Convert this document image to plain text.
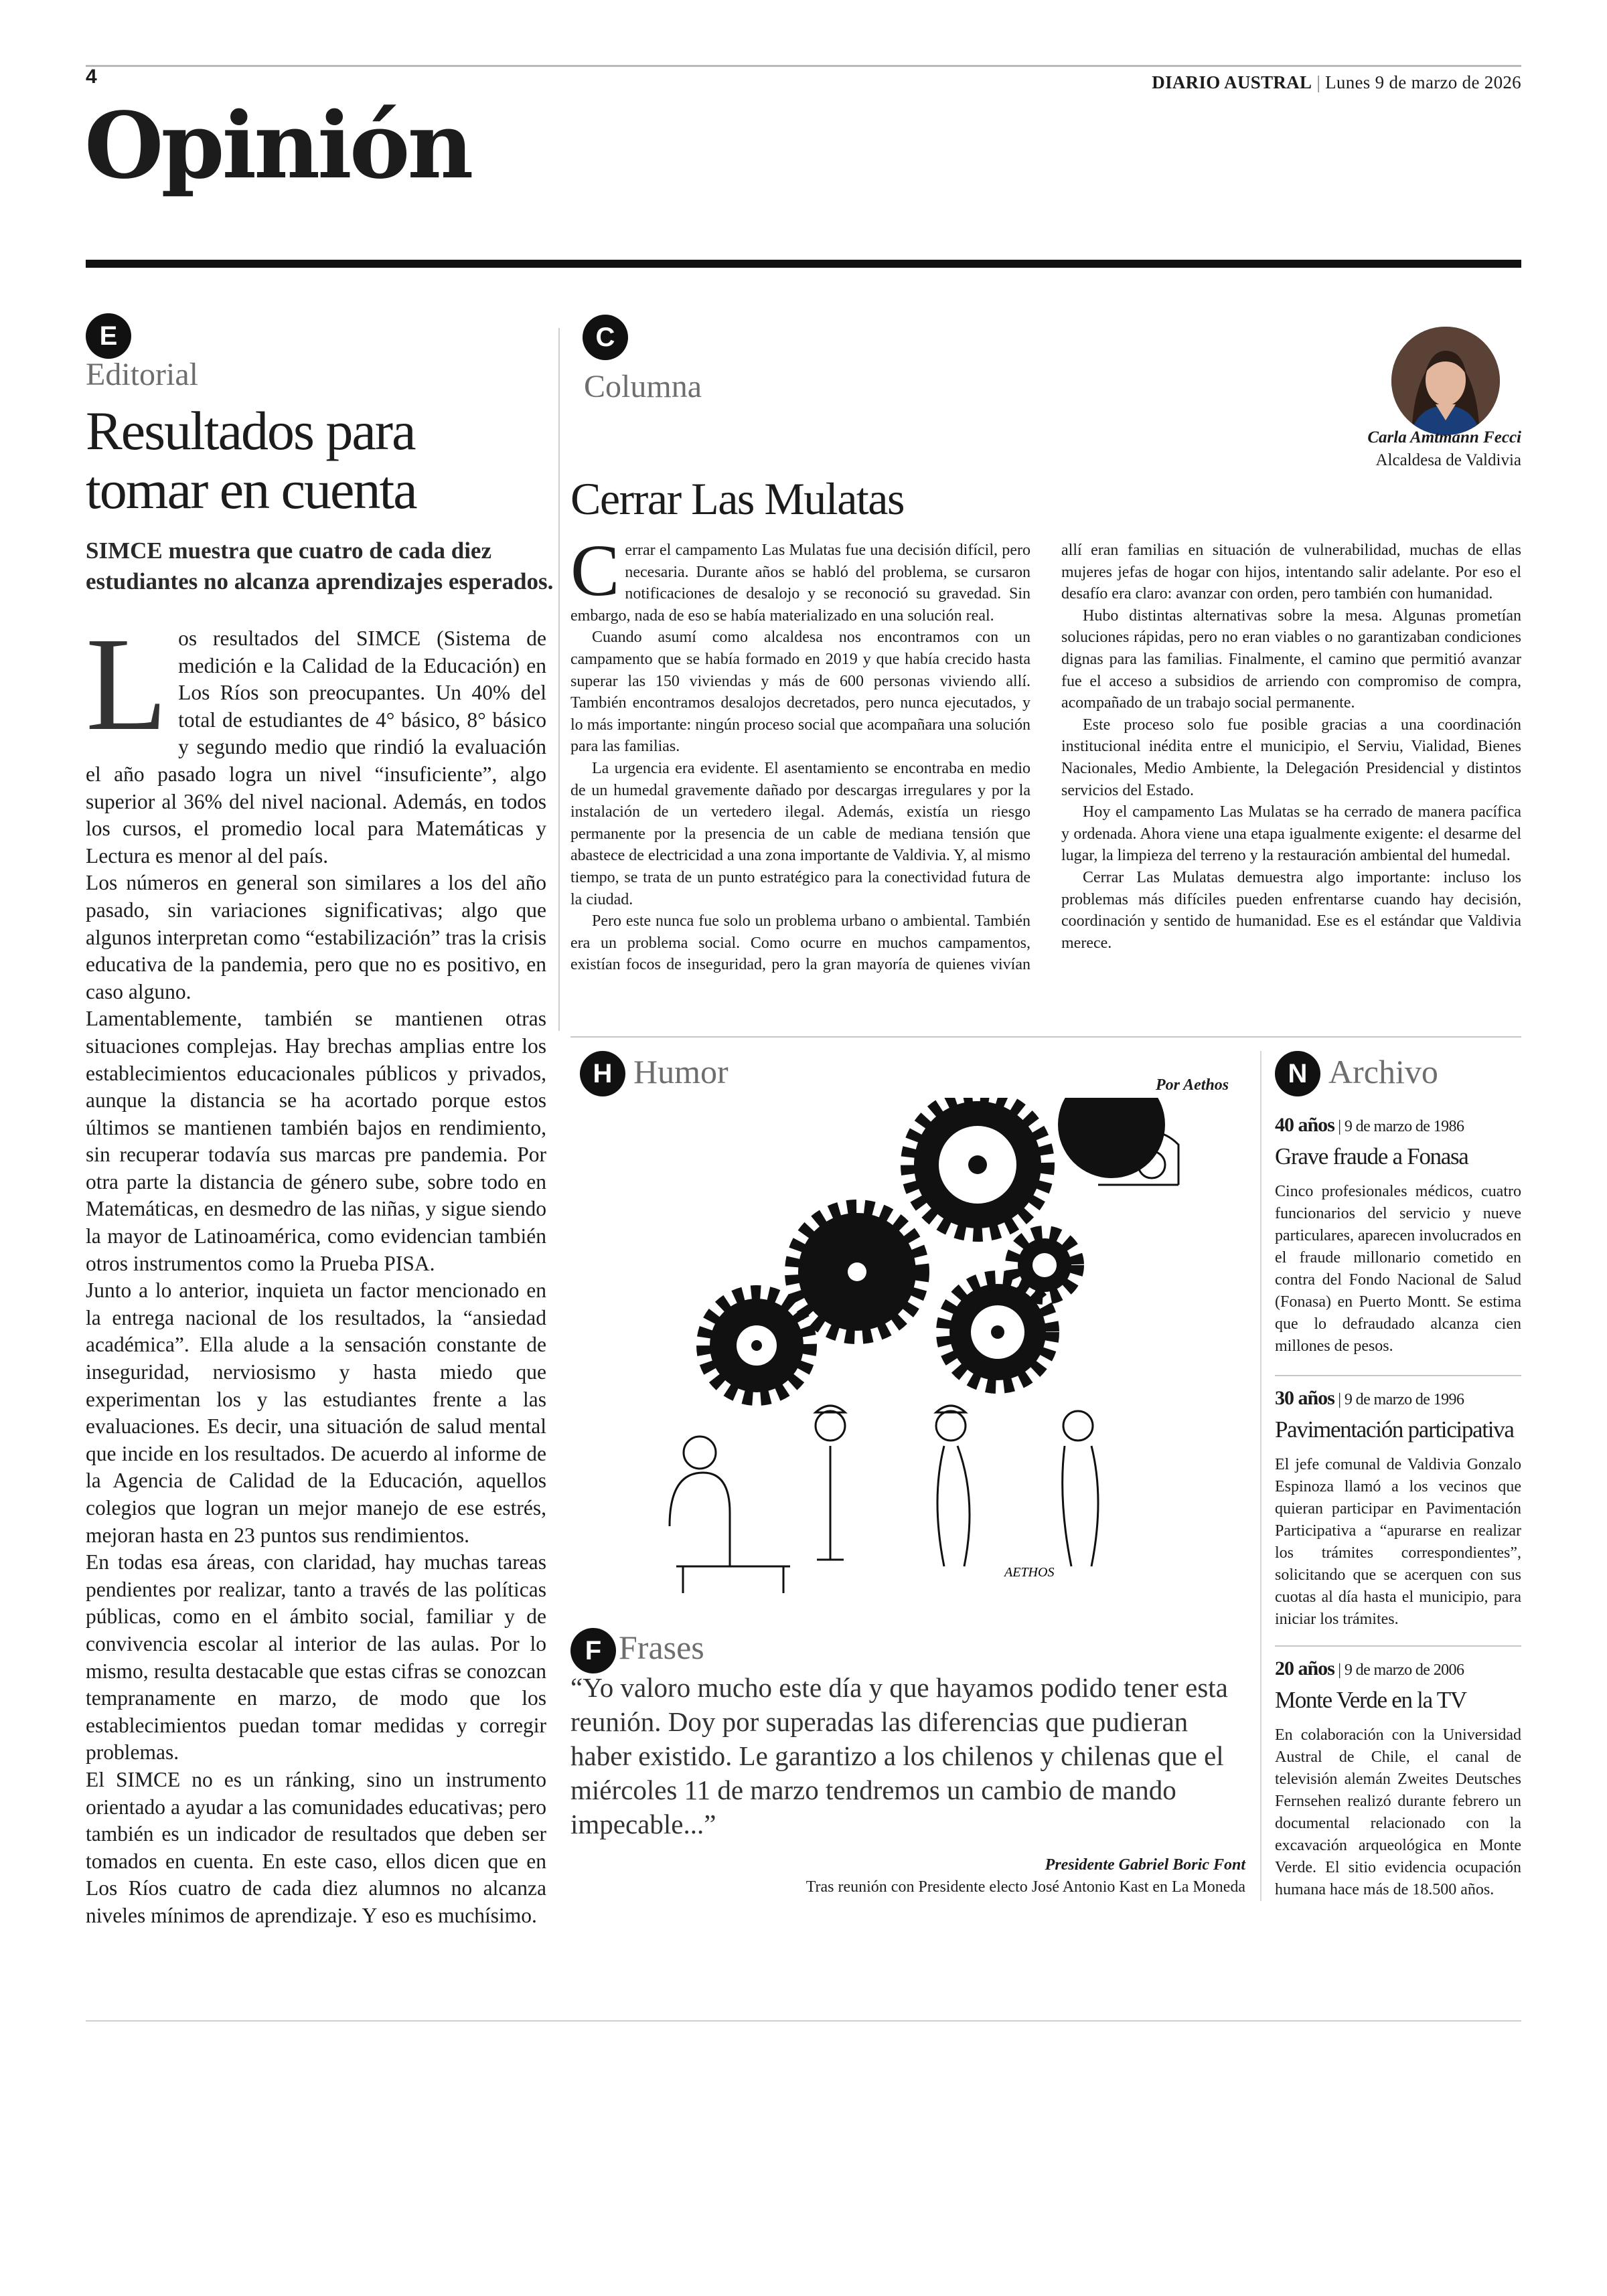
4	DIARIO AUSTRAL | Lunes 9 de marzo de 2026
Opinión
E
Editorial
Resultados para
tomar en cuenta
SIMCE muestra que cuatro de cada diez estudiantes no alcanza aprendizajes esperados.

Los resultados del SIMCE (Sistema de medición e la Calidad de la Educación) en Los Ríos son preocupantes. Un 40% del total de estudiantes de 4° básico, 8° básico y segundo medio que rindió la evaluación el año pasado logra un nivel “insuficiente”, algo superior al 36% del nivel nacional. Además, en todos los cursos, el promedio local para Matemáticas y Lectura es menor al del país.

Los números en general son similares a los del año pasado, sin variaciones significativas; algo que algunos interpretan como “estabilización” tras la crisis educativa de la pandemia, pero que no es positivo, en caso alguno.

Lamentablemente, también se mantienen otras situaciones complejas. Hay brechas amplias entre los establecimientos educacionales públicos y privados, aunque la distancia se ha acortado porque estos últimos se mantienen también bajos en rendimiento, sin recuperar todavía sus marcas pre pandemia. Por otra parte la distancia de género sube, sobre todo en Matemáticas, en desmedro de las niñas, y sigue siendo la mayor de Latinoamérica, como evidencian también otros instrumentos como la Prueba PISA.

Junto a lo anterior, inquieta un factor mencionado en la entrega nacional de los resultados, la “ansiedad académica”. Ella alude a la sensación constante de inseguridad, nerviosismo y hasta miedo que experimentan los y las estudiantes frente a las evaluaciones. Es decir, una situación de salud mental que incide en los resultados. De acuerdo al informe de la Agencia de Calidad de la Educación, aquellos colegios que logran un mejor manejo de ese estrés, mejoran hasta en 23 puntos sus rendimientos.

En todas esa áreas, con claridad, hay muchas tareas pendientes por realizar, tanto a través de las políticas públicas, como en el ámbito social, familiar y de convivencia escolar al interior de las aulas. Por lo mismo, resulta destacable que estas cifras se conozcan tempranamente en marzo, de modo que los establecimientos puedan tomar medidas y corregir problemas.

El SIMCE no es un ránking, sino un instrumento orientado a ayudar a las comunidades educativas; pero también es un indicador de resultados que deben ser tomados en cuenta. En este caso, ellos dicen que en Los Ríos cuatro de cada diez alumnos no alcanza niveles mínimos de aprendizaje. Y eso es muchísimo.

C
Columna
Cerrar Las Mulatas
Carla Amtmann Fecci
Alcaldesa de Valdivia

Cerrar el campamento Las Mulatas fue una decisión difícil, pero necesaria. Durante años se habló del problema, se cursaron notificaciones de desalojo y se reconoció su gravedad. Sin embargo, nada de eso se había materializado en una solución real.

Cuando asumí como alcaldesa nos encontramos con un campamento que se había formado en 2019 y que había crecido hasta superar las 150 viviendas y más de 600 personas viviendo allí. También encontramos desalojos decretados, pero nunca ejecutados, y lo más importante: ningún proceso social que acompañara una solución para las familias.

La urgencia era evidente. El asentamiento se encontraba en medio de un humedal gravemente dañado por descargas irregulares y por la instalación de un vertedero ilegal. Además, existía un riesgo permanente por la presencia de un cable de mediana tensión que abastece de electricidad a una zona importante de Valdivia. Y, al mismo tiempo, se trata de un punto estratégico para la conectividad futura de la ciudad.

Pero este nunca fue solo un problema urbano o ambiental. También era un problema social. Como ocurre en muchos campamentos, existían focos de inseguridad, pero la gran mayoría de quienes vivían allí eran familias en situación de vulnerabilidad, muchas de ellas mujeres jefas de hogar con hijos, intentando salir adelante. Por eso el desafío era claro: avanzar con orden, pero también con humanidad.

Hubo distintas alternativas sobre la mesa. Algunas prometían soluciones rápidas, pero no eran viables o no garantizaban condiciones dignas para las familias. Finalmente, el camino que permitió avanzar fue el acceso a subsidios de arriendo con compromiso de compra, acompañado de un trabajo social permanente.

Este proceso solo fue posible gracias a una coordinación institucional inédita entre el municipio, el Serviu, Vialidad, Bienes Nacionales, Medio Ambiente, la Delegación Presidencial y distintos servicios del Estado.

Hoy el campamento Las Mulatas se ha cerrado de manera pacífica y ordenada. Ahora viene una etapa igualmente exigente: el desarme del lugar, la limpieza del terreno y la restauración ambiental del humedal.

Cerrar Las Mulatas demuestra algo importante: incluso los problemas más difíciles pueden enfrentarse cuando hay decisión, coordinación y sentido de humanidad. Ese es el estándar que Valdivia merece.

H Humor	Por Aethos
AETHOS
F Frases
“Yo valoro mucho este día y que hayamos podido tener esta reunión. Doy por superadas las diferencias que pudieran haber existido. Le garantizo a los chilenos y chilenas que el miércoles 11 de marzo tendremos un cambio de mando impecable...”
Presidente Gabriel Boric Font
Tras reunión con Presidente electo José Antonio Kast en La Moneda
N Archivo
40 años | 9 de marzo de 1986
Grave fraude a Fonasa
Cinco profesionales médicos, cuatro funcionarios del servicio y nueve particulares, aparecen involucrados en el fraude millonario cometido en contra del Fondo Nacional de Salud (Fonasa) en Puerto Montt. Se estima que lo defraudado alcanza cien millones de pesos.
30 años | 9 de marzo de 1996
Pavimentación participativa
El jefe comunal de Valdivia Gonzalo Espinoza llamó a los vecinos que quieran participar en Pavimentación Participativa a “apurarse en realizar los trámites correspondientes”, solicitando que se acerquen con sus cuotas al día hasta el municipio, para iniciar los trámites.
20 años | 9 de marzo de 2006
Monte Verde en la TV
En colaboración con la Universidad Austral de Chile, el canal de televisión alemán Zweites Deutsches Fernsehen realizó durante febrero un documental relacionado con la excavación arqueológica en Monte Verde. El sitio evidencia ocupación humana hace más de 18.500 años.
